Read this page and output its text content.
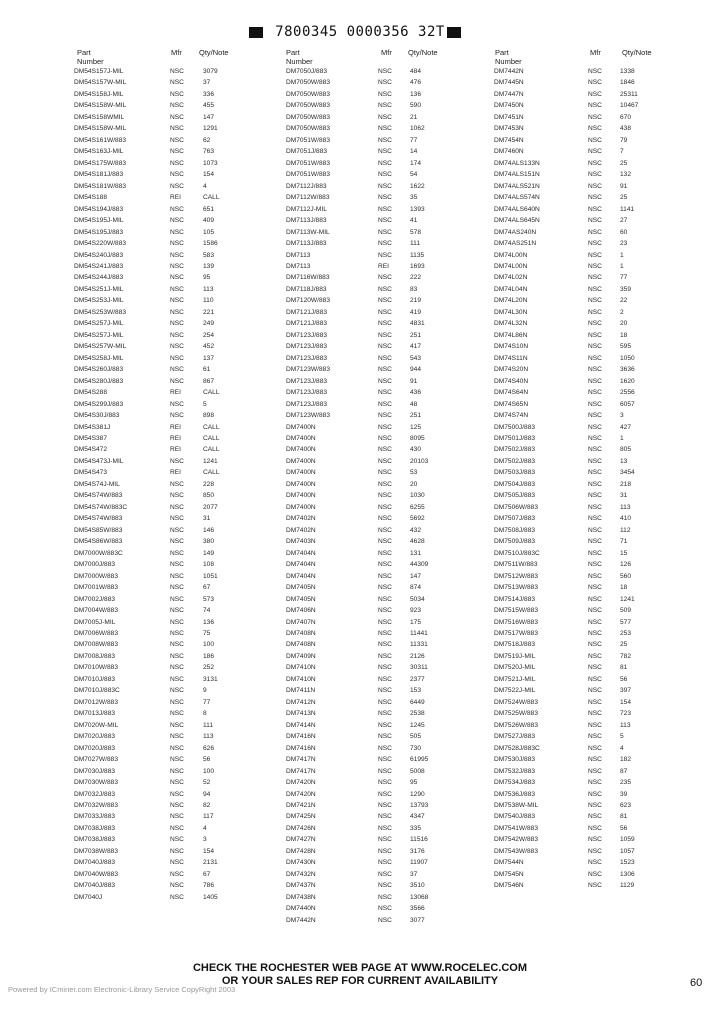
7800345 0000356 32T
Part Number
Mfr Qty/Note
DM54S157J-MIL	NSC	3079
DM54S157W-MIL	NSC	37
DM54S158J-MIL	NSC	336
DM54S158W-MIL	NSC	455
DM54S158WMIL	NSC	147
DM54S158W-MIL	NSC	1291
DM54S161W/883	NSC	62
DM54S163J-MIL	NSC	763
DM54S175W/883	NSC	1073
DM54S181J/883	NSC	154
DM54S181W/883	NSC	4
DM54S188	REI	CALL
DM54S194J/883	NSC	651
DM54S195J-MIL	NSC	409
DM54S195J/883	NSC	105
DM54S220W/883	NSC	1586
DM54S240J/883	NSC	583
DM54S241J/883	NSC	139
DM54S244J/883	NSC	95
DM54S251J-MIL	NSC	113
DM54S253J-MIL	NSC	110
DM54S253W/883	NSC	221
DM54S257J-MIL	NSC	249
DM54S257J-MIL	NSC	254
DM54S257W-MIL	NSC	452
DM54S258J-MIL	NSC	137
DM54S260J/883	NSC	61
DM54S280J/883	NSC	867
DM54S288	REI	CALL
DM54S299J/883	NSC	5
DM54S30J/883	NSC	898
DM54S381J	REI	CALL
DM54S387	REI	CALL
DM54S472	REI	CALL
DM54S473J-MIL	NSC	1241
DM54S473	REI	CALL
DM54S74J-MIL	NSC	228
DM54S74W/883	NSC	850
DM54S74W/883C	NSC	2077
DM54S74W/883	NSC	31
DM54S85W/883	NSC	146
DM54S86W/883	NSC	380
DM7000W/883C	NSC	149
DM7000J/883	NSC	108
DM7000W/883	NSC	1051
DM7001W/883	NSC	67
DM7002J/883	NSC	573
DM7004W/883	NSC	74
DM7005J-MIL	NSC	136
DM7006W/883	NSC	75
DM7008W/883	NSC	100
DM7008J/883	NSC	186
DM7010W/883	NSC	252
DM7010J/883	NSC	3131
DM7010J/883C	NSC	9
DM7012W/883	NSC	77
DM7013J/883	NSC	8
DM7020W-MIL	NSC	111
DM7020J/883	NSC	113
DM7020J/883	NSC	626
DM7027W/883	NSC	56
DM7030J/883	NSC	100
DM7030W/883	NSC	52
DM7032J/883	NSC	94
DM7032W/883	NSC	82
DM7033J/883	NSC	117
DM7038J/883	NSC	4
DM7038J/883	NSC	3
DM7038W/883	NSC	154
DM7040J/883	NSC	2131
DM7040W/883	NSC	67
DM7040J/883	NSC	786
DM7040J	NSC	1405
Part Number
Mfr Qty/Note
DM7050J/883	NSC	484
DM7050W/883	NSC	476
DM7050W/883	NSC	136
DM7050W/883	NSC	590
DM7050W/883	NSC	21
DM7050W/883	NSC	1062
DM7051W/883	NSC	77
DM7051J/883	NSC	14
DM7051W/883	NSC	174
DM7051W/883	NSC	54
DM7112J/883	NSC	1622
DM7112W/883	NSC	35
DM7112J-MIL	NSC	1393
DM7113J/883	NSC	41
DM7113W-MIL	NSC	578
DM7113J/883	NSC	111
DM7113	NSC	1135
DM7113	REI	1693
DM7116W/883	NSC	222
DM7118J/883	NSC	83
DM7120W/883	NSC	219
DM7121J/883	NSC	419
DM7121J/883	NSC	4831
DM7123J/883	NSC	251
DM7123J/883	NSC	417
DM7123J/883	NSC	543
DM7123W/883	NSC	944
DM7123J/883	NSC	91
DM7123J/883	NSC	436
DM7123J/883	NSC	48
DM7123W/883	NSC	251
DM7400N	NSC	125
DM7400N	NSC	8095
DM7400N	NSC	430
DM7400N	NSC	20103
DM7400N	NSC	53
DM7400N	NSC	20
DM7400N	NSC	1030
DM7400N	NSC	6255
DM7402N	NSC	5692
DM7402N	NSC	432
DM7403N	NSC	4628
DM7404N	NSC	131
DM7404N	NSC	44309
DM7404N	NSC	147
DM7405N	NSC	874
DM7405N	NSC	5034
DM7406N	NSC	923
DM7407N	NSC	175
DM7408N	NSC	11441
DM7408N	NSC	11331
DM7409N	NSC	2126
DM7410N	NSC	30311
DM7410N	NSC	2377
DM7411N	NSC	153
DM7412N	NSC	6449
DM7413N	NSC	2538
DM7414N	NSC	1245
DM7416N	NSC	505
DM7416N	NSC	730
DM7417N	NSC	61995
DM7417N	NSC	5008
DM7420N	NSC	95
DM7420N	NSC	1290
DM7421N	NSC	13793
DM7425N	NSC	4347
DM7426N	NSC	335
DM7427N	NSC	11516
DM7428N	NSC	3176
DM7430N	NSC	11907
DM7432N	NSC	37
DM7437N	NSC	3510
DM7438N	NSC	13068
DM7440N	NSC	3566
DM7442N	NSC	3077
Part Number
Mfr	Qty/Note
DM7442N	NSC	1338
DM7445N	NSC	1846
DM7447N	NSC	25311
DM7450N	NSC	10467
DM7451N	NSC	670
DM7453N	NSC	438
DM7454N	NSC	79
DM7460N	NSC	7
DM74ALS133N	NSC	25
DM74ALS151N	NSC	132
DM74ALS521N	NSC	91
DM74ALS574N	NSC	25
DM74ALS640N	NSC	1141
DM74ALS645N	NSC	27
DM74AS240N	NSC	60
DM74AS251N	NSC	23
DM74L00N	NSC	1
DM74L00N	NSC	1
DM74L02N	NSC	77
DM74L04N	NSC	359
DM74L20N	NSC	22
DM74L30N	NSC	2
DM74L32N	NSC	20
DM74L86N	NSC	18
DM74S10N	NSC	595
DM74S11N	NSC	1050
DM74S20N	NSC	3636
DM74S40N	NSC	1620
DM74S64N	NSC	2556
DM74S65N	NSC	6057
DM74S74N	NSC	3
DM7500J/883	NSC	427
DM7501J/883	NSC	1
DM7502J/883	NSC	805
DM7502J/883	NSC	13
DM7503J/883	NSC	3454
DM7504J/883	NSC	218
DM7505J/883	NSC	31
DM7506W/883	NSC	113
DM7507J/883	NSC	410
DM7508J/883	NSC	112
DM7509J/883	NSC	71
DM7510J/883C	NSC	15
DM7511W/883	NSC	126
DM7512W/883	NSC	560
DM7513W/883	NSC	18
DM7514J/883	NSC	1241
DM7515W/883	NSC	509
DM7516W/883	NSC	577
DM7517W/883	NSC	253
DM7518J/883	NSC	25
DM7519J-MIL	NSC	782
DM7520J-MIL	NSC	81
DM7521J-MIL	NSC	56
DM7522J-MIL	NSC	397
DM7524W/883	NSC	154
DM7525W/883	NSC	723
DM7526W/883	NSC	113
DM7527J/883	NSC	5
DM7528J/883C	NSC	4
DM7530J/883	NSC	182
DM7532J/883	NSC	87
DM7534J/883	NSC	235
DM7536J/883	NSC	39
DM7538W-MIL	NSC	623
DM7540J/883	NSC	81
DM7541W/883	NSC	56
DM7542W/883	NSC	1059
DM7543W/883	NSC	1057
DM7544N	NSC	1523
DM7545N	NSC	1306
DM7546N	NSC	1129
CHECK THE ROCHESTER WEB PAGE AT WWW.ROCELEC.COM
OR YOUR SALES REP FOR CURRENT AVAILABILITY
Powered by ICminer.com Electronic-Library Service CopyRight 2003
60
